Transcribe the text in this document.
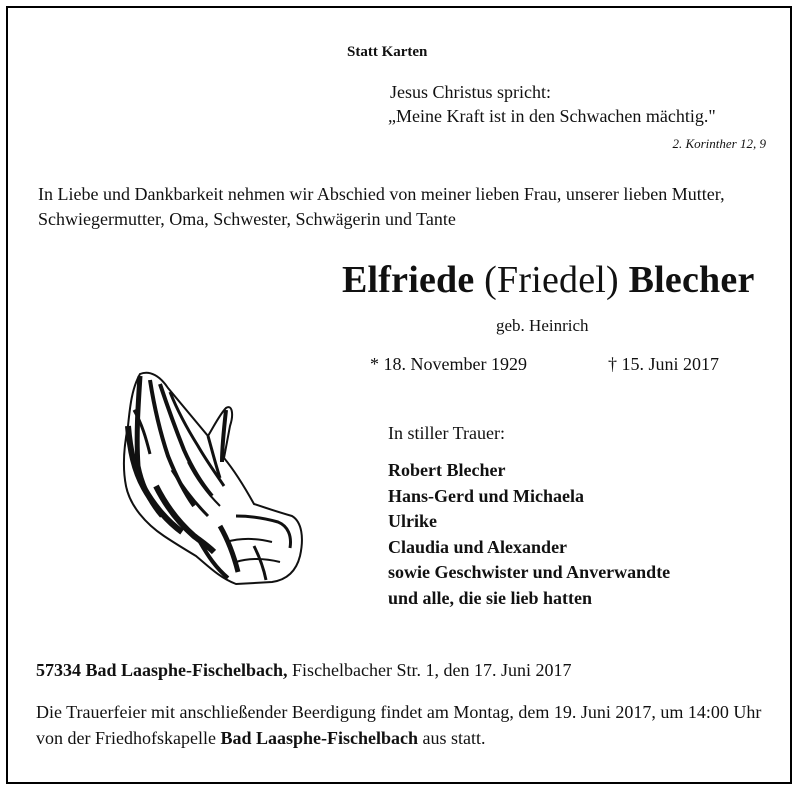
Statt Karten
Jesus Christus spricht:
„Meine Kraft ist in den Schwachen mächtig."
2. Korinther 12, 9
In Liebe und Dankbarkeit nehmen wir Abschied von meiner lieben Frau, unserer lieben Mutter, Schwiegermutter, Oma, Schwester, Schwägerin und Tante
Elfriede (Friedel) Blecher
geb. Heinrich
* 18. November 1929	† 15. Juni 2017
In stiller Trauer:
Robert Blecher
Hans-Gerd und Michaela
Ulrike
Claudia und Alexander
sowie Geschwister und Anverwandte
und alle, die sie lieb hatten
57334 Bad Laasphe-Fischelbach, Fischelbacher Str. 1, den 17. Juni 2017
Die Trauerfeier mit anschließender Beerdigung findet am Montag, dem 19. Juni 2017, um 14:00 Uhr von der Friedhofskapelle Bad Laasphe-Fischelbach aus statt.
